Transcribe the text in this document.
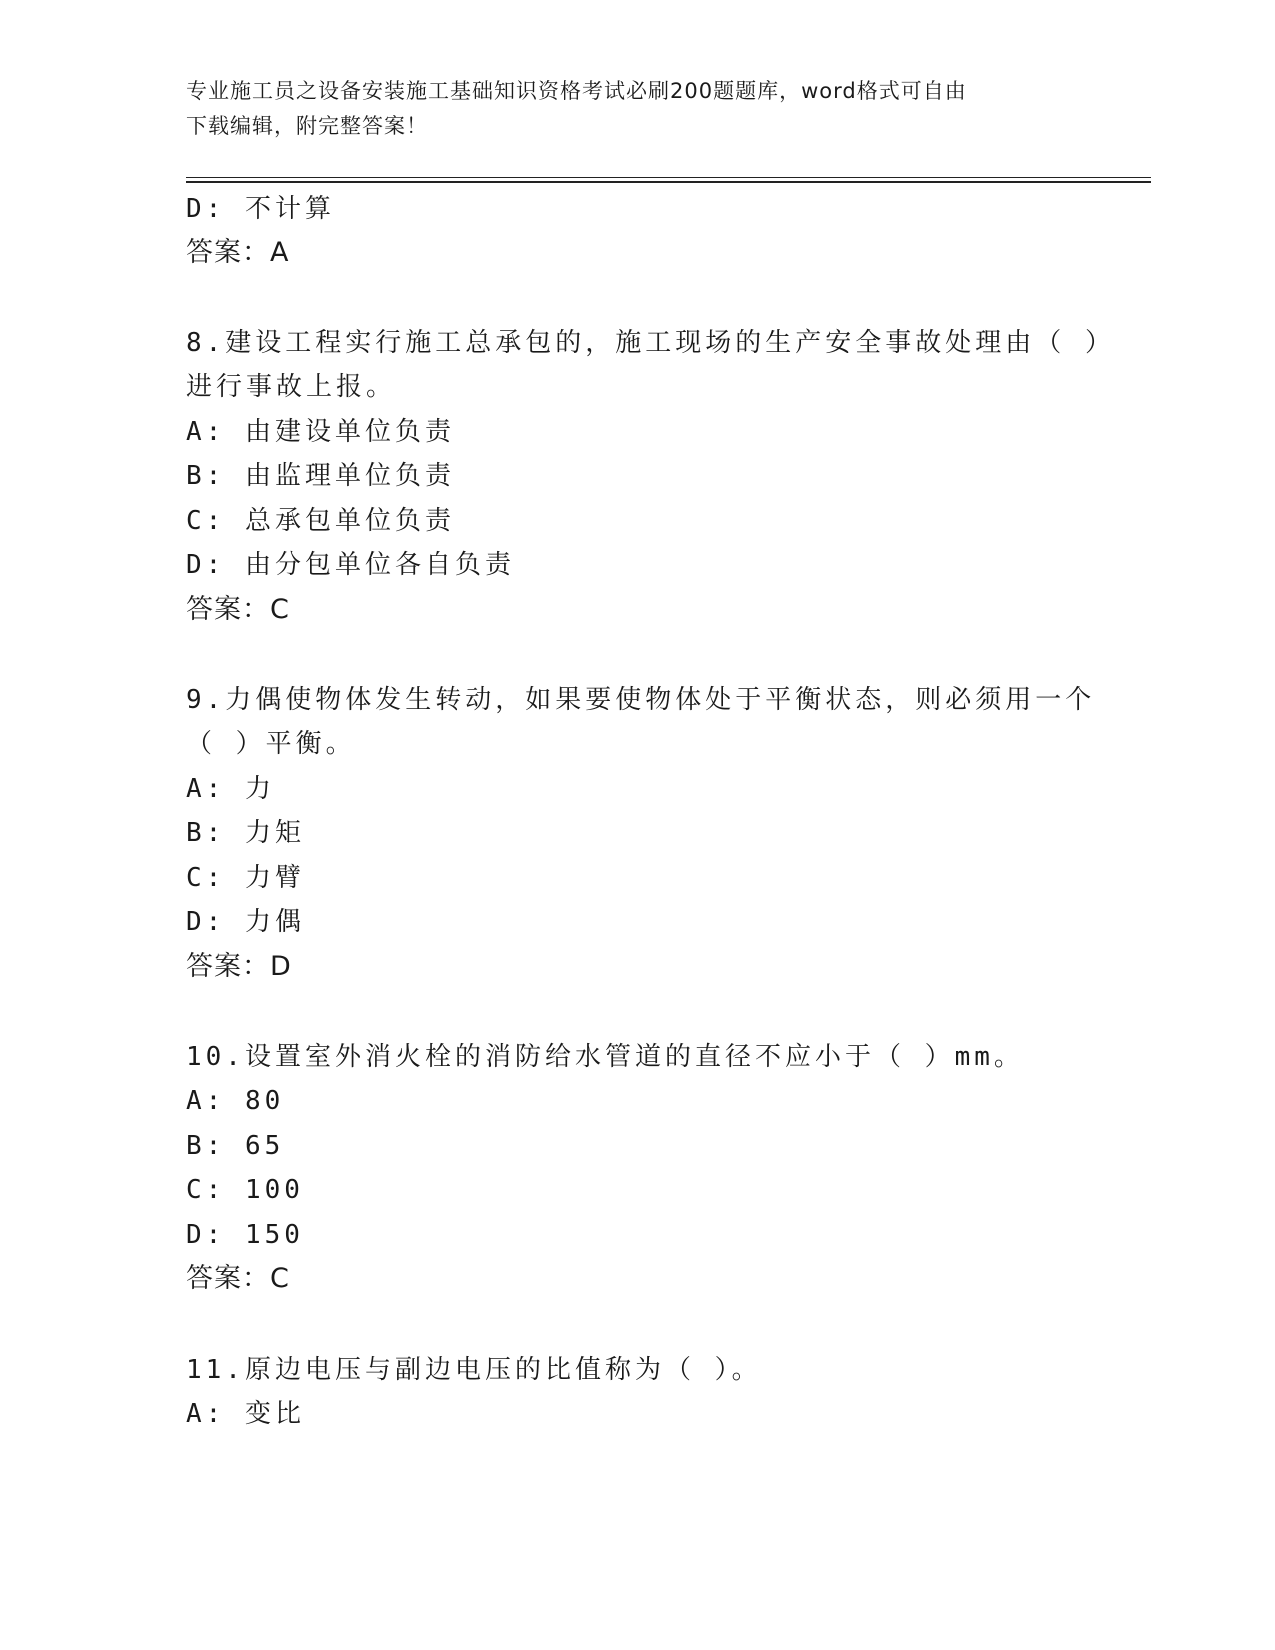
专业施工员之设备安装施工基础知识资格考试必刷200题题库，word格式可自由
下载编辑，附完整答案！
D: 不计算
答案：A
8.建设工程实行施工总承包的，施工现场的生产安全事故处理由（ ）
进行事故上报。
A: 由建设单位负责
B: 由监理单位负责
C: 总承包单位负责
D: 由分包单位各自负责
答案：C
9.力偶使物体发生转动，如果要使物体处于平衡状态，则必须用一个
（ ）平衡。
A: 力
B: 力矩
C: 力臂
D: 力偶
答案：D
10.设置室外消火栓的消防给水管道的直径不应小于（ ）mm。
A: 80
B: 65
C: 100
D: 150
答案：C
11.原边电压与副边电压的比值称为（ ）。
A: 变比
